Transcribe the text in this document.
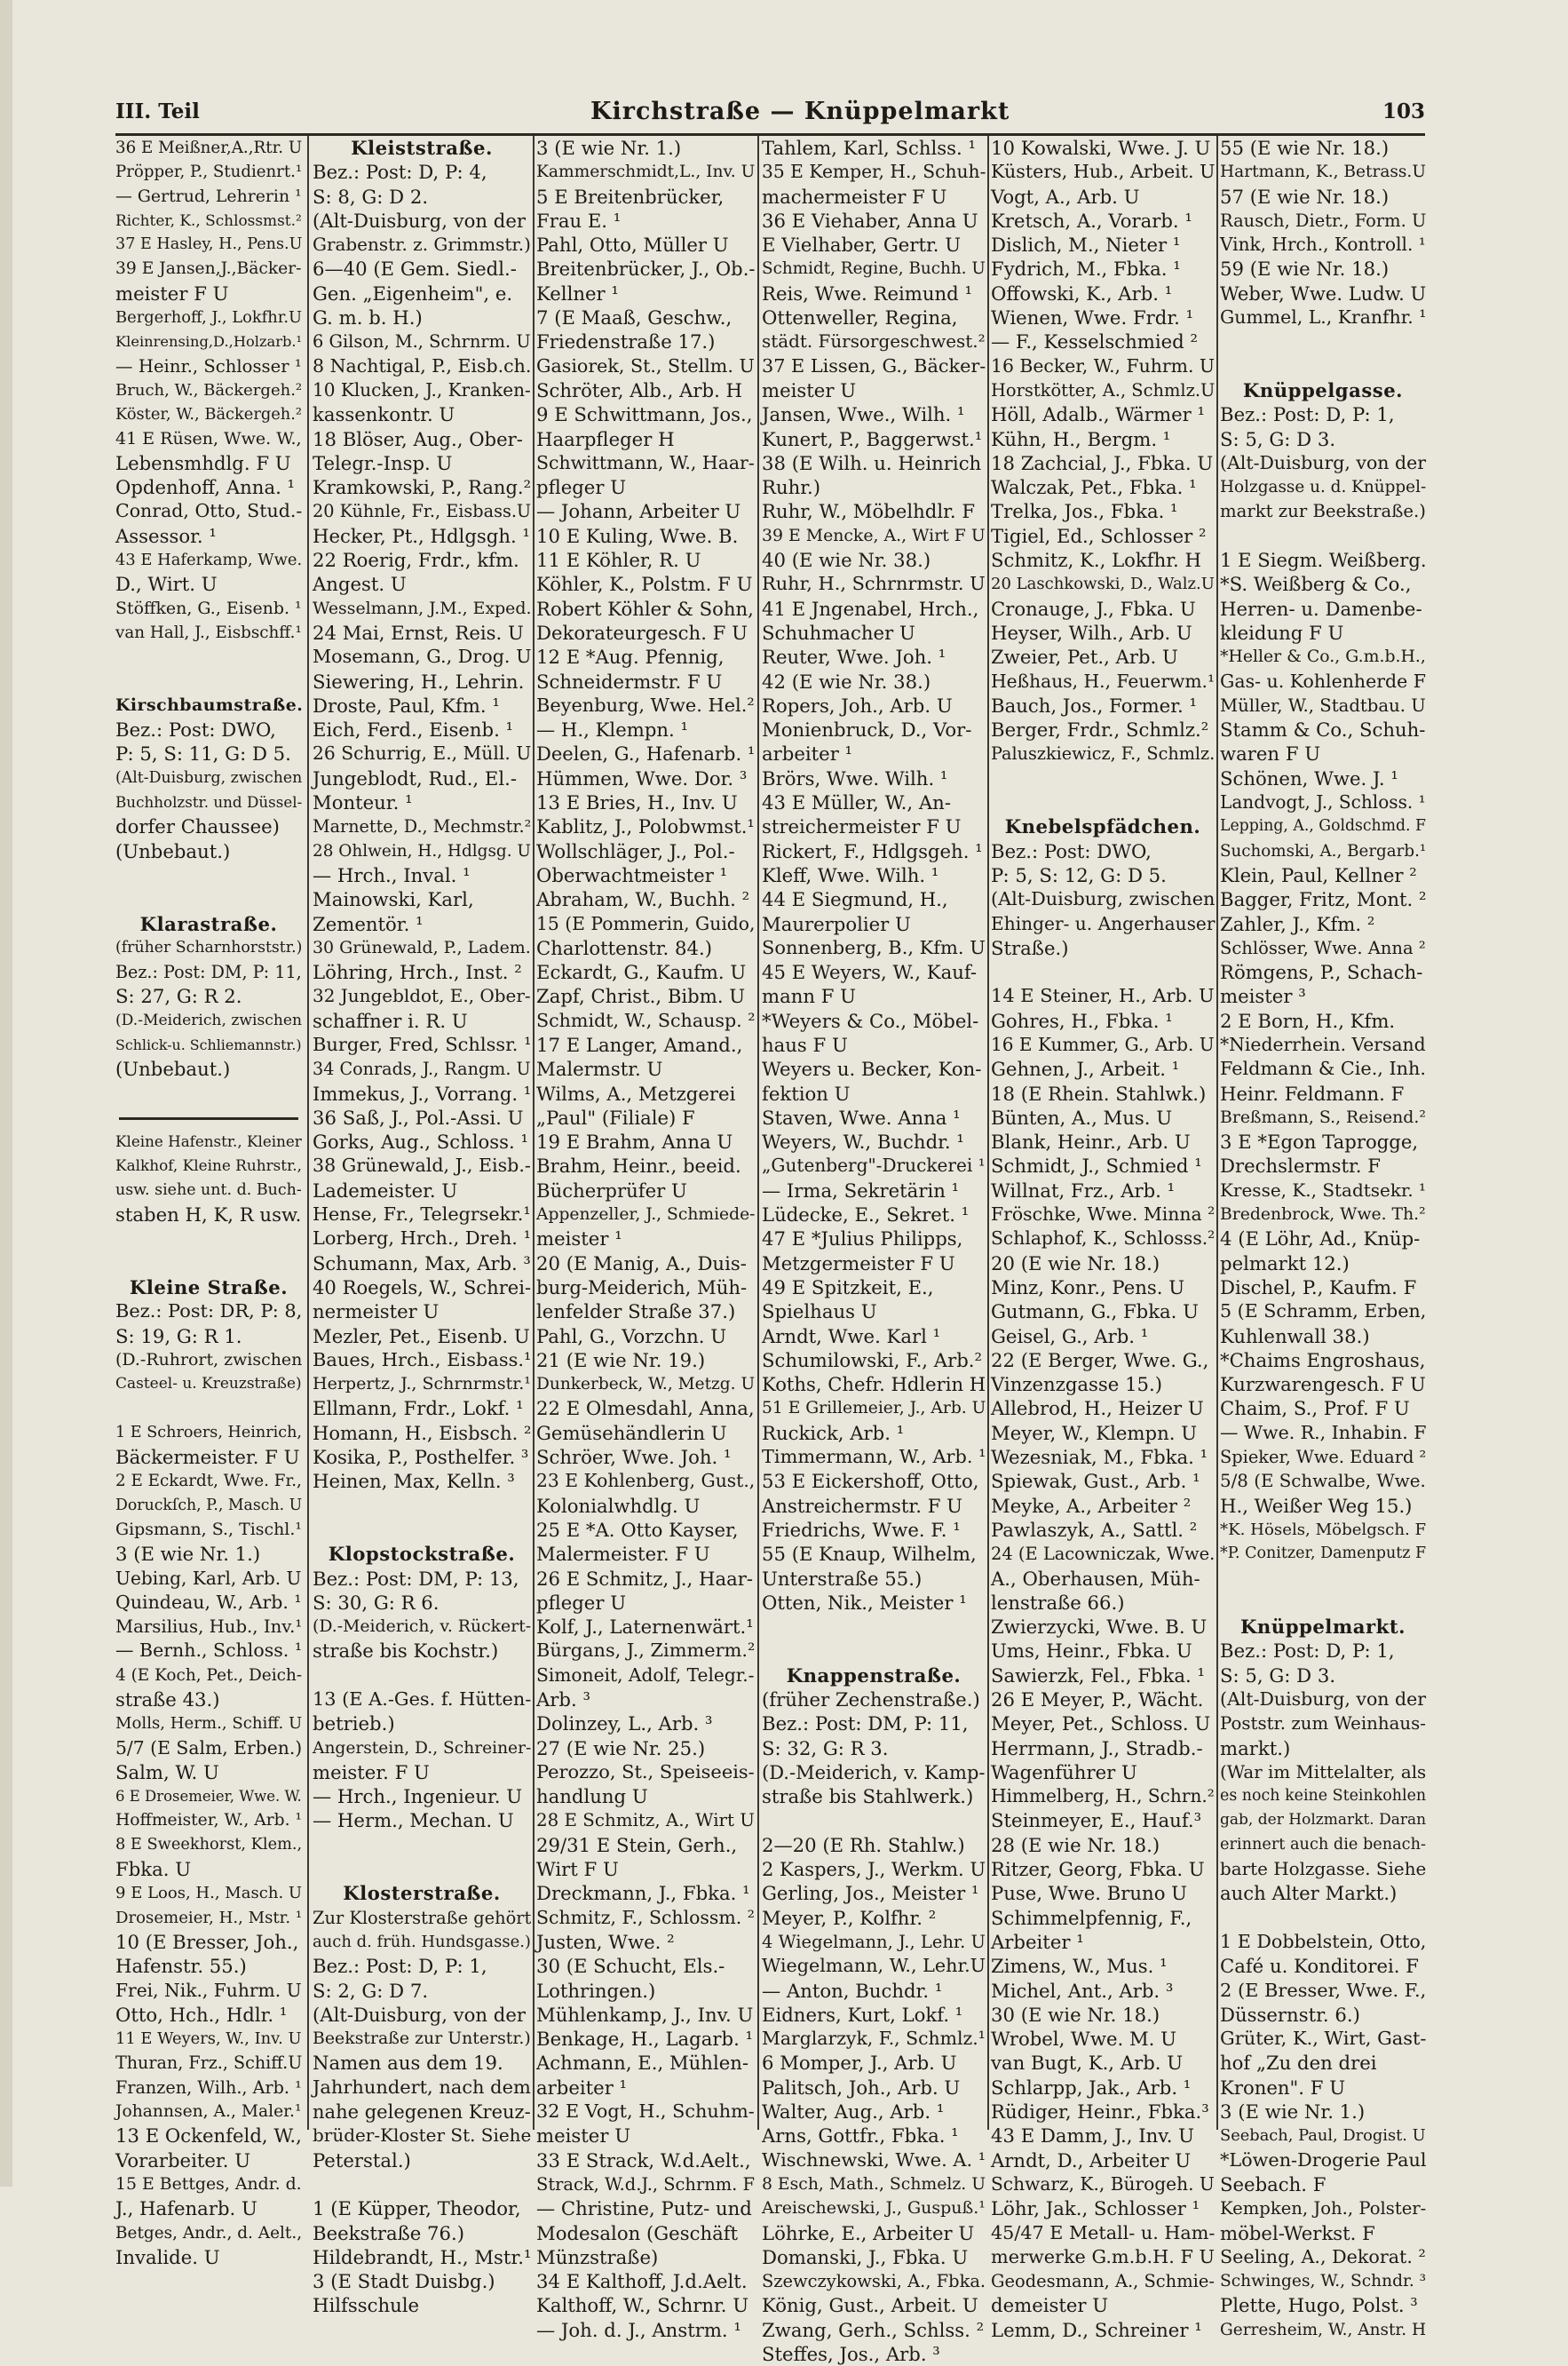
III. Teil	Kirchstraße — Knüppelmarkt	103
36 E Meißner,A.,Rtr. U
Pröpper, P., Studienrt.¹
— Gertrud, Lehrerin ¹
Richter, K., Schlossmst.²
37 E Hasley, H., Pens.U
39 E Jansen,J.,Bäcker-
meister F U
Bergerhoff, J., Lokfhr.U
Kleinrensing,D.,Holzarb.¹
— Heinr., Schlosser ¹
Bruch, W., Bäckergeh.²
Köster, W., Bäckergeh.²
41 E Rüsen, Wwe. W.,
Lebensmhdlg. F U
Opdenhoff, Anna. ¹
Conrad, Otto, Stud.-
Assessor. ¹
43 E Haferkamp, Wwe.
D., Wirt. U
Stöffken, G., Eisenb. ¹
van Hall, J., Eisbschff.¹
Kirschbaumstraße.
Bez.: Post: DWO,
P: 5, S: 11, G: D 5.
(Alt-Duisburg, zwischen
Buchholzstr. und Düssel-
dorfer Chaussee)
(Unbebaut.)
Klarastraße.
(früher Scharnhorststr.)
Bez.: Post: DM, P: 11,
S: 27, G: R 2.
(D.-Meiderich, zwischen
Schlick-u. Schliemannstr.)
(Unbebaut.)
Kleine Hafenstr., Kleiner
Kalkhof, Kleine Ruhrstr.,
usw. siehe unt. d. Buch-
staben H, K, R usw.
Kleine Straße.
Bez.: Post: DR, P: 8,
S: 19, G: R 1.
(D.-Ruhrort, zwischen
Casteel- u. Kreuzstraße)
1 E Schroers, Heinrich,
Bäckermeister. F U
2 E Eckardt, Wwe. Fr.,
Doruckſch, P., Masch. U
Gipsmann, S., Tischl.¹
3 (E wie Nr. 1.)
Uebing, Karl, Arb. U
Quindeau, W., Arb. ¹
Marsilius, Hub., Inv.¹
— Bernh., Schloss. ¹
4 (E Koch, Pet., Deich-
straße 43.)
Molls, Herm., Schiff. U
5/7 (E Salm, Erben.)
Salm, W. U
6 E Drosemeier, Wwe. W.
Hoffmeister, W., Arb. ¹
8 E Sweekhorst, Klem.,
Fbka. U
9 E Loos, H., Masch. U
Drosemeier, H., Mstr. ¹
10 (E Bresser, Joh.,
Hafenstr. 55.)
Frei, Nik., Fuhrm. U
Otto, Hch., Hdlr. ¹
11 E Weyers, W., Inv. U
Thuran, Frz., Schiff.U
Franzen, Wilh., Arb. ¹
Johannsen, A., Maler.¹
13 E Ockenfeld, W.,
Vorarbeiter. U
15 E Bettges, Andr. d.
J., Hafenarb. U
Betges, Andr., d. Aelt.,
Invalide. U
Kleiststraße.
Bez.: Post: D, P: 4,
S: 8, G: D 2.
(Alt-Duisburg, von der
Grabenstr. z. Grimmstr.)
6—40 (E Gem. Siedl.-
Gen. „Eigenheim", e.
G. m. b. H.)
6 Gilson, M., Schrnrm. U
8 Nachtigal, P., Eisb.ch.
10 Klucken, J., Kranken-
kassenkontr. U
18 Blöser, Aug., Ober-
Telegr.-Insp. U
Kramkowski, P., Rang.²
20 Kühnle, Fr., Eisbass.U
Hecker, Pt., Hdlgsgh. ¹
22 Roerig, Frdr., kfm.
Angest. U
Wesselmann, J.M., Exped.
24 Mai, Ernst, Reis. U
Mosemann, G., Drog. U
Siewering, H., Lehrin.
Droste, Paul, Kfm. ¹
Eich, Ferd., Eisenb. ¹
26 Schurrig, E., Müll. U
Jungeblodt, Rud., El.-
Monteur. ¹
Marnette, D., Mechmstr.²
28 Ohlwein, H., Hdlgsg. U
— Hrch., Inval. ¹
Mainowski, Karl,
Zementör. ¹
30 Grünewald, P., Ladem.
Löhring, Hrch., Inst. ²
32 Jungebldot, E., Ober-
schaffner i. R. U
Burger, Fred, Schlssr. ¹
34 Conrads, J., Rangm. U
Immekus, J., Vorrang. ¹
36 Saß, J., Pol.-Assi. U
Gorks, Aug., Schloss. ¹
38 Grünewald, J., Eisb.-
Lademeister. U
Hense, Fr., Telegrsekr.¹
Lorberg, Hrch., Dreh. ¹
Schumann, Max, Arb. ³
40 Roegels, W., Schrei-
nermeister U
Mezler, Pet., Eisenb. U
Baues, Hrch., Eisbass.¹
Herpertz, J., Schrnrmstr.¹
Ellmann, Frdr., Lokf. ¹
Homann, H., Eisbsch. ²
Kosika, P., Posthelfer. ³
Heinen, Max, Kelln. ³
Klopstockstraße.
Bez.: Post: DM, P: 13,
S: 30, G: R 6.
(D.-Meiderich, v. Rückert-
straße bis Kochstr.)
13 (E A.-Ges. f. Hütten-
betrieb.)
Angerstein, D., Schreiner-
meister. F U
— Hrch., Ingenieur. U
— Herm., Mechan. U
Klosterstraße.
Zur Klosterstraße gehört
auch d. früh. Hundsgasse.)
Bez.: Post: D, P: 1,
S: 2, G: D 7.
(Alt-Duisburg, von der
Beekstraße zur Unterstr.)
Namen aus dem 19.
Jahrhundert, nach dem
nahe gelegenen Kreuz-
brüder-Kloster St. Siehe
Peterstal.)
1 (E Küpper, Theodor,
Beekstraße 76.)
Hildebrandt, H., Mstr.¹
3 (E Stadt Duisbg.)
Hilfsschule
3 (E wie Nr. 1.)
Kammerschmidt,L., Inv. U
5 E Breitenbrücker,
Frau E. ¹
Pahl, Otto, Müller U
Breitenbrücker, J., Ob.-
Kellner ¹
7 (E Maaß, Geschw.,
Friedenstraße 17.)
Gasiorek, St., Stellm. U
Schröter, Alb., Arb. H
9 E Schwittmann, Jos.,
Haarpfleger H
Schwittmann, W., Haar-
pfleger U
— Johann, Arbeiter U
10 E Kuling, Wwe. B.
11 E Köhler, R. U
Köhler, K., Polstm. F U
Robert Köhler & Sohn,
Dekorateurgesch. F U
12 E *Aug. Pfennig,
Schneidermstr. F U
Beyenburg, Wwe. Hel.²
— H., Klempn. ¹
Deelen, G., Hafenarb. ¹
Hümmen, Wwe. Dor. ³
13 E Bries, H., Inv. U
Kablitz, J., Polobwmst.¹
Wollschläger, J., Pol.-
Oberwachtmeister ¹
Abraham, W., Buchh. ²
15 (E Pommerin, Guido,
Charlottenstr. 84.)
Eckardt, G., Kaufm. U
Zapf, Christ., Bibm. U
Schmidt, W., Schausp. ²
17 E Langer, Amand.,
Malermstr. U
Wilms, A., Metzgerei
„Paul" (Filiale) F
19 E Brahm, Anna U
Brahm, Heinr., beeid.
Bücherprüfer U
Appenzeller, J., Schmiede-
meister ¹
20 (E Manig, A., Duis-
burg-Meiderich, Müh-
lenfelder Straße 37.)
Pahl, G., Vorzchn. U
21 (E wie Nr. 19.)
Dunkerbeck, W., Metzg. U
22 E Olmesdahl, Anna,
Gemüsehändlerin U
Schröer, Wwe. Joh. ¹
23 E Kohlenberg, Gust.,
Kolonialwhdlg. U
25 E *A. Otto Kayser,
Malermeister. F U
26 E Schmitz, J., Haar-
pfleger U
Kolf, J., Laternenwärt.¹
Bürgans, J., Zimmerm.²
Simoneit, Adolf, Telegr.-
Arb. ³
Dolinzey, L., Arb. ³
27 (E wie Nr. 25.)
Perozzo, St., Speiseeis-
handlung U
28 E Schmitz, A., Wirt U
29/31 E Stein, Gerh.,
Wirt F U
Dreckmann, J., Fbka. ¹
Schmitz, F., Schlossm. ²
Justen, Wwe. ²
30 (E Schucht, Els.-
Lothringen.)
Mühlenkamp, J., Inv. U
Benkage, H., Lagarb. ¹
Achmann, E., Mühlen-
arbeiter ¹
32 E Vogt, H., Schuhm-
meister U
33 E Strack, W.d.Aelt.,
Strack, W.d.J., Schrnm. F
— Christine, Putz- und
Modesalon (Geschäft
Münzstraße)
34 E Kalthoff, J.d.Aelt.
Kalthoff, W., Schrnr. U
— Joh. d. J., Anstrm. ¹
Tahlem, Karl, Schlss. ¹
35 E Kemper, H., Schuh-
machermeister F U
36 E Viehaber, Anna U
E Vielhaber, Gertr. U
Schmidt, Regine, Buchh. U
Reis, Wwe. Reimund ¹
Ottenweller, Regina,
städt. Fürsorgeschwest.²
37 E Lissen, G., Bäcker-
meister U
Jansen, Wwe., Wilh. ¹
Kunert, P., Baggerwst.¹
38 (E Wilh. u. Heinrich
Ruhr.)
Ruhr, W., Möbelhdlr. F
39 E Mencke, A., Wirt F U
40 (E wie Nr. 38.)
Ruhr, H., Schrnrmstr. U
41 E Jngenabel, Hrch.,
Schuhmacher U
Reuter, Wwe. Joh. ¹
42 (E wie Nr. 38.)
Ropers, Joh., Arb. U
Monienbruck, D., Vor-
arbeiter ¹
Brörs, Wwe. Wilh. ¹
43 E Müller, W., An-
streichermeister F U
Rickert, F., Hdlgsgeh. ¹
Kleff, Wwe. Wilh. ¹
44 E Siegmund, H.,
Maurerpolier U
Sonnenberg, B., Kfm. U
45 E Weyers, W., Kauf-
mann F U
*Weyers & Co., Möbel-
haus F U
Weyers u. Becker, Kon-
fektion U
Staven, Wwe. Anna ¹
Weyers, W., Buchdr. ¹
„Gutenberg"-Druckerei ¹
— Irma, Sekretärin ¹
Lüdecke, E., Sekret. ¹
47 E *Julius Philipps,
Metzgermeister F U
49 E Spitzkeit, E.,
Spielhaus U
Arndt, Wwe. Karl ¹
Schumilowski, F., Arb.²
Koths, Chefr. Hdlerin H
51 E Grillemeier, J., Arb. U
Ruckick, Arb. ¹
Timmermann, W., Arb. ¹
53 E Eickershoff, Otto,
Anstreichermstr. F U
Friedrichs, Wwe. F. ¹
55 (E Knaup, Wilhelm,
Unterstraße 55.)
Otten, Nik., Meister ¹
Knappenstraße.
(früher Zechenstraße.)
Bez.: Post: DM, P: 11,
S: 32, G: R 3.
(D.-Meiderich, v. Kamp-
straße bis Stahlwerk.)
2—20 (E Rh. Stahlw.)
2 Kaspers, J., Werkm. U
Gerling, Jos., Meister ¹
Meyer, P., Kolfhr. ²
4 Wiegelmann, J., Lehr. U
Wiegelmann, W., Lehr.U
— Anton, Buchdr. ¹
Eidners, Kurt, Lokf. ¹
Marglarzyk, F., Schmlz.¹
6 Momper, J., Arb. U
Palitsch, Joh., Arb. U
Walter, Aug., Arb. ¹
Arns, Gottfr., Fbka. ¹
Wischnewski, Wwe. A. ¹
8 Esch, Math., Schmelz. U
Areischewski, J., Guspuß.¹
Löhrke, E., Arbeiter U
Domanski, J., Fbka. U
Szewczykowski, A., Fbka.
König, Gust., Arbeit. U
Zwang, Gerh., Schlss. ²
Steffes, Jos., Arb. ³
10 Kowalski, Wwe. J. U
Küsters, Hub., Arbeit. U
Vogt, A., Arb. U
Kretsch, A., Vorarb. ¹
Dislich, M., Nieter ¹
Fydrich, M., Fbka. ¹
Offowski, K., Arb. ¹
Wienen, Wwe. Frdr. ¹
— F., Kesselschmied ²
16 Becker, W., Fuhrm. U
Horstkötter, A., Schmlz.U
Höll, Adalb., Wärmer ¹
Kühn, H., Bergm. ¹
18 Zachcial, J., Fbka. U
Walczak, Pet., Fbka. ¹
Trelka, Jos., Fbka. ¹
Tigiel, Ed., Schlosser ²
Schmitz, K., Lokfhr. H
20 Laschkowski, D., Walz.U
Cronauge, J., Fbka. U
Heyser, Wilh., Arb. U
Zweier, Pet., Arb. U
Heßhaus, H., Feuerwm.¹
Bauch, Jos., Former. ¹
Berger, Frdr., Schmlz.²
Paluszkiewicz, F., Schmlz.
Knebelspfädchen.
Bez.: Post: DWO,
P: 5, S: 12, G: D 5.
(Alt-Duisburg, zwischen
Ehinger- u. Angerhauser
Straße.)
14 E Steiner, H., Arb. U
Gohres, H., Fbka. ¹
16 E Kummer, G., Arb. U
Gehnen, J., Arbeit. ¹
18 (E Rhein. Stahlwk.)
Bünten, A., Mus. U
Blank, Heinr., Arb. U
Schmidt, J., Schmied ¹
Willnat, Frz., Arb. ¹
Fröschke, Wwe. Minna ²
Schlaphof, K., Schlosss.²
20 (E wie Nr. 18.)
Minz, Konr., Pens. U
Gutmann, G., Fbka. U
Geisel, G., Arb. ¹
22 (E Berger, Wwe. G.,
Vinzenzgasse 15.)
Allebrod, H., Heizer U
Meyer, W., Klempn. U
Wezesniak, M., Fbka. ¹
Spiewak, Gust., Arb. ¹
Meyke, A., Arbeiter ²
Pawlaszyk, A., Sattl. ²
24 (E Lacowniczak, Wwe.
A., Oberhausen, Müh-
lenstraße 66.)
Zwierzycki, Wwe. B. U
Ums, Heinr., Fbka. U
Sawierzk, Fel., Fbka. ¹
26 E Meyer, P., Wächt.
Meyer, Pet., Schloss. U
Herrmann, J., Stradb.-
Wagenführer U
Himmelberg, H., Schrn.²
Steinmeyer, E., Hauf.³
28 (E wie Nr. 18.)
Ritzer, Georg, Fbka. U
Puse, Wwe. Bruno U
Schimmelpfennig, F.,
Arbeiter ¹
Zimens, W., Mus. ¹
Michel, Ant., Arb. ³
30 (E wie Nr. 18.)
Wrobel, Wwe. M. U
van Bugt, K., Arb. U
Schlarpp, Jak., Arb. ¹
Rüdiger, Heinr., Fbka.³
43 E Damm, J., Inv. U
Arndt, D., Arbeiter U
Schwarz, K., Bürogeh. U
Löhr, Jak., Schlosser ¹
45/47 E Metall- u. Ham-
merwerke G.m.b.H. F U
Geodesmann, A., Schmie-
demeister U
Lemm, D., Schreiner ¹
55 (E wie Nr. 18.)
Hartmann, K., Betrass.U
57 (E wie Nr. 18.)
Rausch, Dietr., Form. U
Vink, Hrch., Kontroll. ¹
59 (E wie Nr. 18.)
Weber, Wwe. Ludw. U
Gummel, L., Kranfhr. ¹
Knüppelgasse.
Bez.: Post: D, P: 1,
S: 5, G: D 3.
(Alt-Duisburg, von der
Holzgasse u. d. Knüppel-
markt zur Beekstraße.)
1 E Siegm. Weißberg.
*S. Weißberg & Co.,
Herren- u. Damenbe-
kleidung F U
*Heller & Co., G.m.b.H.,
Gas- u. Kohlenherde F
Müller, W., Stadtbau. U
Stamm & Co., Schuh-
waren F U
Schönen, Wwe. J. ¹
Landvogt, J., Schloss. ¹
Lepping, A., Goldschmd. F
Suchomski, A., Bergarb.¹
Klein, Paul, Kellner ²
Bagger, Fritz, Mont. ²
Zahler, J., Kfm. ²
Schlösser, Wwe. Anna ²
Römgens, P., Schach-
meister ³
2 E Born, H., Kfm.
*Niederrhein. Versand
Feldmann & Cie., Inh.
Heinr. Feldmann. F
Breßmann, S., Reisend.²
3 E *Egon Taprogge,
Drechslermstr. F
Kresse, K., Stadtsekr. ¹
Bredenbrock, Wwe. Th.²
4 (E Löhr, Ad., Knüp-
pelmarkt 12.)
Dischel, P., Kaufm. F
5 (E Schramm, Erben,
Kuhlenwall 38.)
*Chaims Engroshaus,
Kurzwarengesch. F U
Chaim, S., Prof. F U
— Wwe. R., Inhabin. F
Spieker, Wwe. Eduard ²
5/8 (E Schwalbe, Wwe.
H., Weißer Weg 15.)
*K. Hösels, Möbelgsch. F
*P. Conitzer, Damenputz F
Knüppelmarkt.
Bez.: Post: D, P: 1,
S: 5, G: D 3.
(Alt-Duisburg, von der
Poststr. zum Weinhaus-
markt.)
(War im Mittelalter, als
es noch keine Steinkohlen
gab, der Holzmarkt. Daran
erinnert auch die benach-
barte Holzgasse. Siehe
auch Alter Markt.)
1 E Dobbelstein, Otto,
Café u. Konditorei. F
2 (E Bresser, Wwe. F.,
Düssernstr. 6.)
Grüter, K., Wirt, Gast-
hof „Zu den drei
Kronen". F U
3 (E wie Nr. 1.)
Seebach, Paul, Drogist. U
*Löwen-Drogerie Paul
Seebach. F
Kempken, Joh., Polster-
möbel-Werkst. F
Seeling, A., Dekorat. ²
Schwinges, W., Schndr. ³
Plette, Hugo, Polst. ³
Gerresheim, W., Anstr. H
